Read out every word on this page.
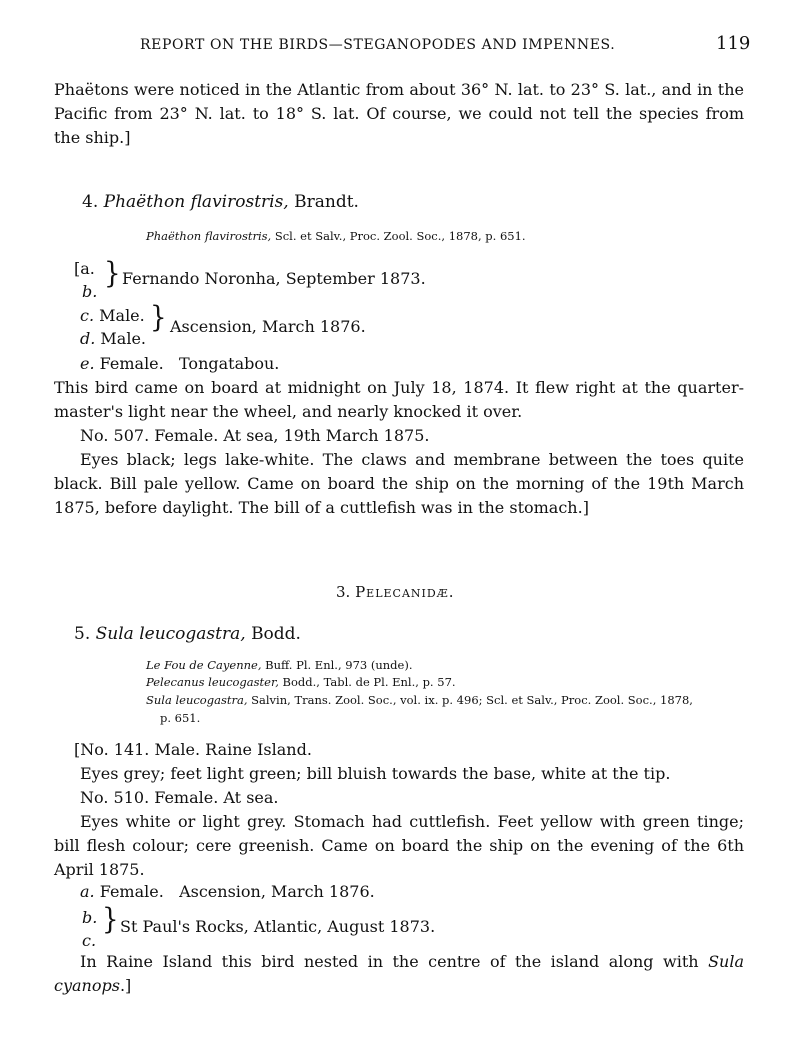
REPORT ON THE BIRDS—STEGANOPODES AND IMPENNES.	119
Phaëtons were noticed in the Atlantic from about 36° N. lat. to 23° S. lat., and in the Pacific from 23° N. lat. to 18° S. lat. Of course, we could not tell the species from the ship.]
4. Phaëthon flavirostris, Brandt.
Phaëthon flavirostris, Scl. et Salv., Proc. Zool. Soc., 1878, p. 651.
[a.
b.
} Fernando Noronha, September 1873.
c. Male.
d. Male.
} Ascension, March 1876.
e. Female. Tongatabou.
This bird came on board at midnight on July 18, 1874. It flew right at the quarter-master's light near the wheel, and nearly knocked it over.
No. 507. Female. At sea, 19th March 1875.
Eyes black; legs lake-white. The claws and membrane between the toes quite black. Bill pale yellow. Came on board the ship on the morning of the 19th March 1875, before daylight. The bill of a cuttlefish was in the stomach.]
3. Pelecanidæ.
5. Sula leucogastra, Bodd.
Le Fou de Cayenne, Buff. Pl. Enl., 973 (unde).
Pelecanus leucogaster, Bodd., Tabl. de Pl. Enl., p. 57.
Sula leucogastra, Salvin, Trans. Zool. Soc., vol. ix. p. 496; Scl. et Salv., Proc. Zool. Soc., 1878,
p. 651.
[No. 141. Male. Raine Island.
Eyes grey; feet light green; bill bluish towards the base, white at the tip.
No. 510. Female. At sea.
Eyes white or light grey. Stomach had cuttlefish. Feet yellow with green tinge; bill flesh colour; cere greenish. Came on board the ship on the evening of the 6th April 1875.
a. Female. Ascension, March 1876.
b.
c.
} St Paul's Rocks, Atlantic, August 1873.
In Raine Island this bird nested in the centre of the island along with Sula cyanops.]
